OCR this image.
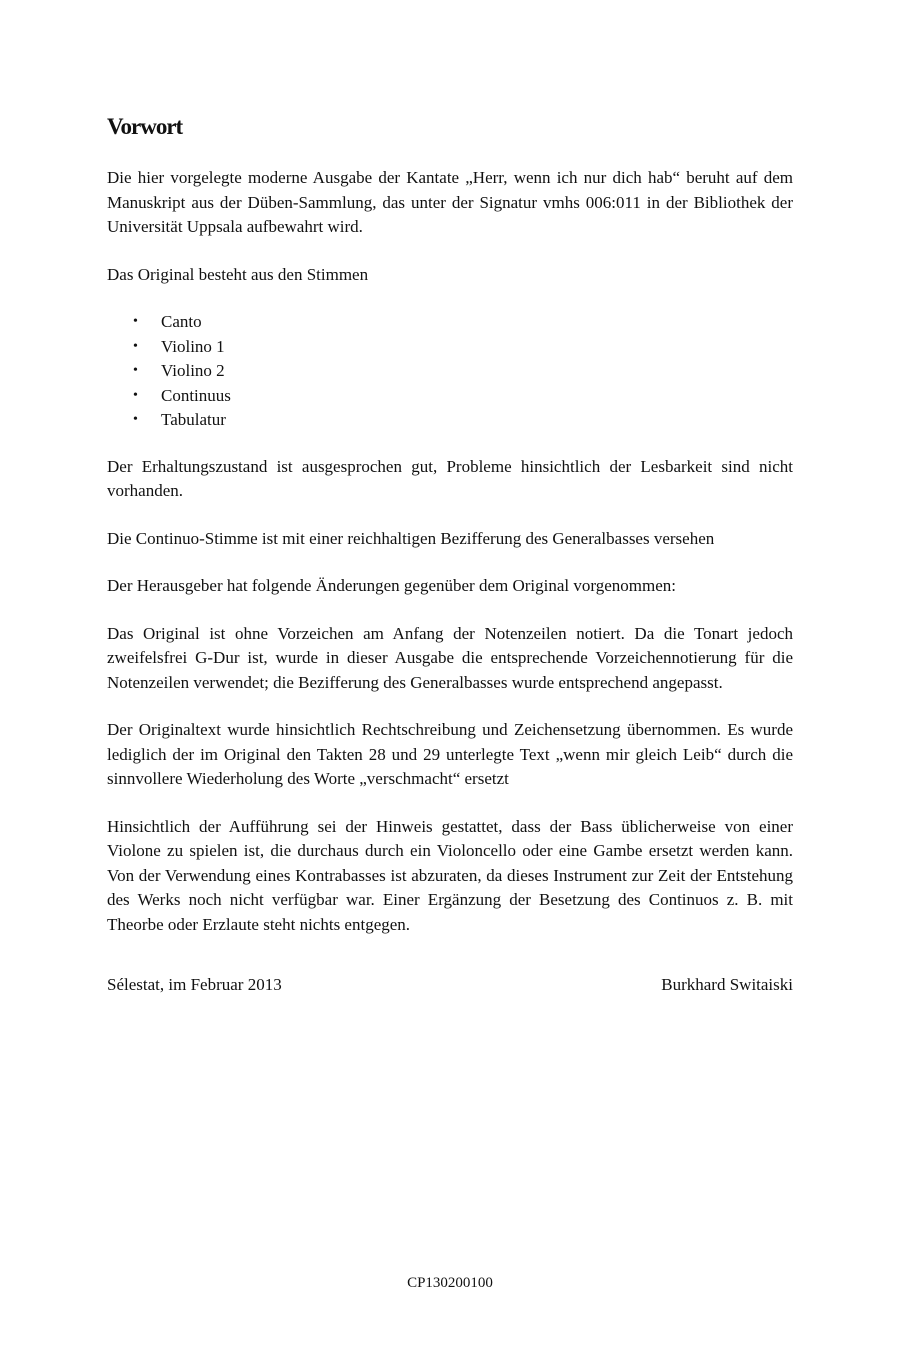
Vorwort

Die hier vorgelegte moderne Ausgabe der Kantate „Herr, wenn ich nur dich hab“ beruht auf dem Manuskript aus der Düben-Sammlung, das unter der Signatur vmhs 006:011 in der Bibliothek der Universität Uppsala aufbewahrt wird.

Das Original besteht aus den Stimmen

• Canto
• Violino 1
• Violino 2
• Continuus
• Tabulatur

Der Erhaltungszustand ist ausgesprochen gut, Probleme hinsichtlich der Lesbarkeit sind nicht vorhanden.

Die Continuo-Stimme ist mit einer reichhaltigen Bezifferung des Generalbasses versehen

Der Herausgeber hat folgende Änderungen gegenüber dem Original vorgenommen:

Das Original ist ohne Vorzeichen am Anfang der Notenzeilen notiert. Da die Tonart jedoch zweifelsfrei G-Dur ist, wurde in dieser Ausgabe die entsprechende Vorzeichennotierung für die Notenzeilen verwendet; die Bezifferung des Generalbasses wurde entsprechend angepasst.

Der Originaltext wurde hinsichtlich Rechtschreibung und Zeichensetzung übernommen. Es wurde lediglich der im Original den Takten 28 und 29 unterlegte Text „wenn mir gleich Leib“ durch die sinnvollere Wiederholung des Worte „verschmacht“ ersetzt

Hinsichtlich der Aufführung sei der Hinweis gestattet, dass der Bass üblicherweise von einer Violone zu spielen ist, die durchaus durch ein Violoncello oder eine Gambe ersetzt werden kann. Von der Verwendung eines Kontrabasses ist abzuraten, da dieses Instrument zur Zeit der Entstehung des Werks noch nicht verfügbar war. Einer Ergänzung der Besetzung des Continuos z. B. mit Theorbe oder Erzlaute steht nichts entgegen.

Sélestat, im Februar 2013	Burkhard Switaiski
CP130200100
